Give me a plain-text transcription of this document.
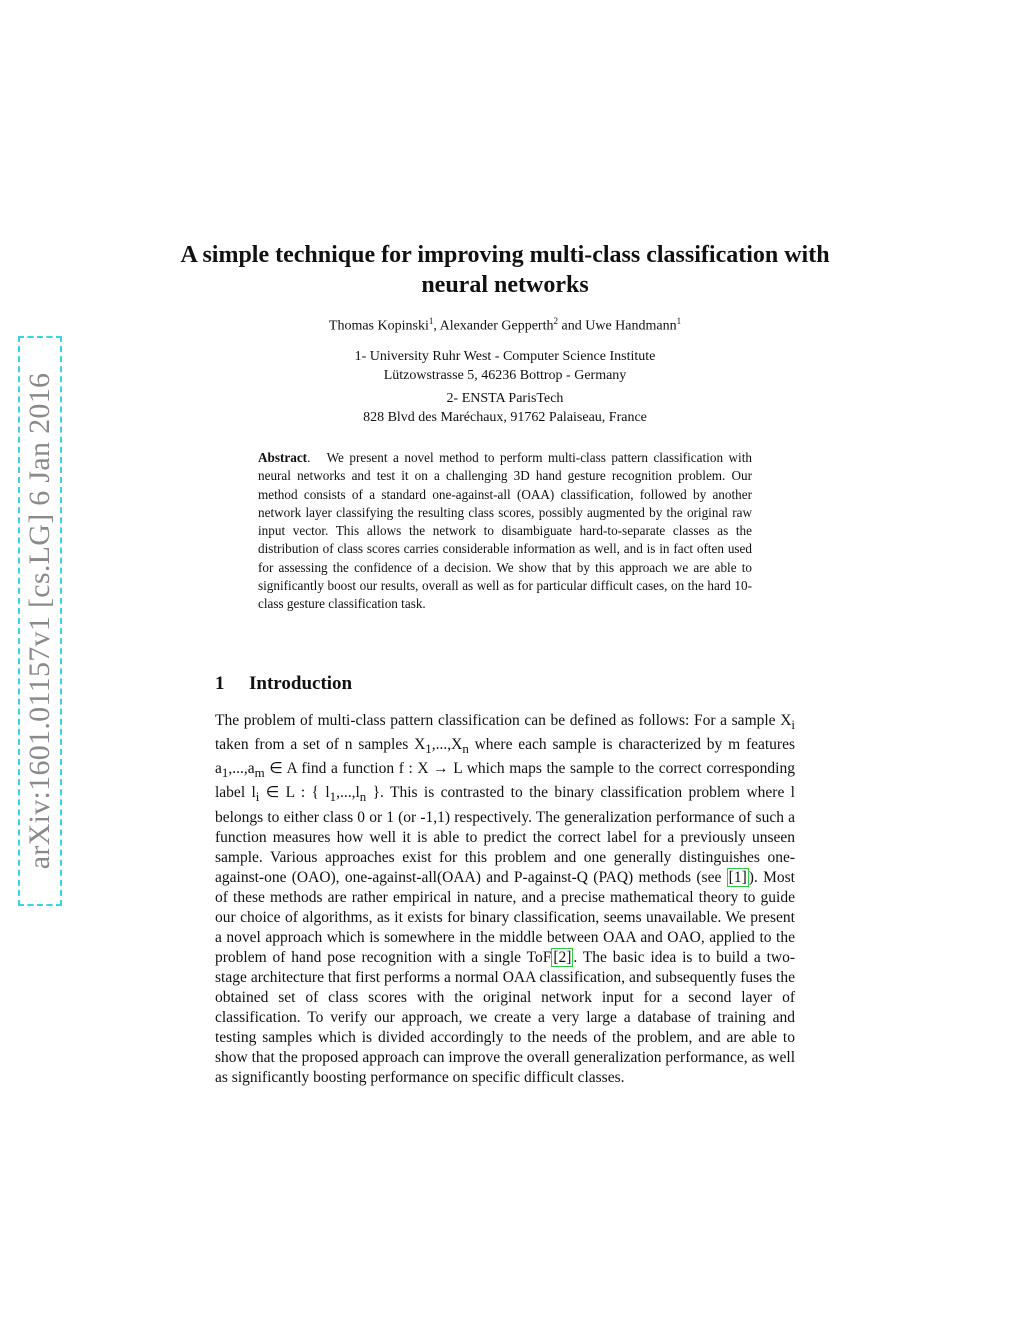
arXiv:1601.01157v1 [cs.LG] 6 Jan 2016
A simple technique for improving multi-class classification with neural networks
Thomas Kopinski$^1$, Alexander Gepperth$^2$ and Uwe Handmann$^1$
1- University Ruhr West - Computer Science Institute
Lützowstrasse 5, 46236 Bottrop - Germany
2- ENSTA ParisTech
828 Blvd des Maréchaux, 91762 Palaiseau, France
Abstract.   We present a novel method to perform multi-class pattern classification with neural networks and test it on a challenging 3D hand gesture recognition problem. Our method consists of a standard one-against-all (OAA) classification, followed by another network layer classifying the resulting class scores, possibly augmented by the original raw input vector. This allows the network to disambiguate hard-to-separate classes as the distribution of class scores carries considerable information as well, and is in fact often used for assessing the confidence of a decision. We show that by this approach we are able to significantly boost our results, overall as well as for particular difficult cases, on the hard 10-class gesture classification task.
1 Introduction
The problem of multi-class pattern classification can be defined as follows: For a sample $X_i$ taken from a set of n samples $X_1,...,X_n$ where each sample is characterized by m features $a_1,...,a_m$ ∈ A find a function f : X → L which maps the sample to the correct corresponding label $l_i$ ∈ L : { $l_1,...,l_n$ }. This is contrasted to the binary classification problem where l belongs to either class 0 or 1 (or -1,1) respectively. The generalization performance of such a function measures how well it is able to predict the correct label for a previously unseen sample. Various approaches exist for this problem and one generally distinguishes one-against-one (OAO), one-against-all(OAA) and P-against-Q (PAQ) methods (see [1] ). Most of these methods are rather empirical in nature, and a precise mathematical theory to guide our choice of algorithms, as it exists for binary classification, seems unavailable. We present a novel approach which is somewhere in the middle between OAA and OAO, applied to the problem of hand pose recognition with a single ToF [2] . The basic idea is to build a two-stage architecture that first performs a normal OAA classification, and subsequently fuses the obtained set of class scores with the original network input for a second layer of classification. To verify our approach, we create a very large a database of training and testing samples which is divided accordingly to the needs of the problem, and are able to show that the proposed approach can improve the overall generalization performance, as well as significantly boosting performance on specific difficult classes.
